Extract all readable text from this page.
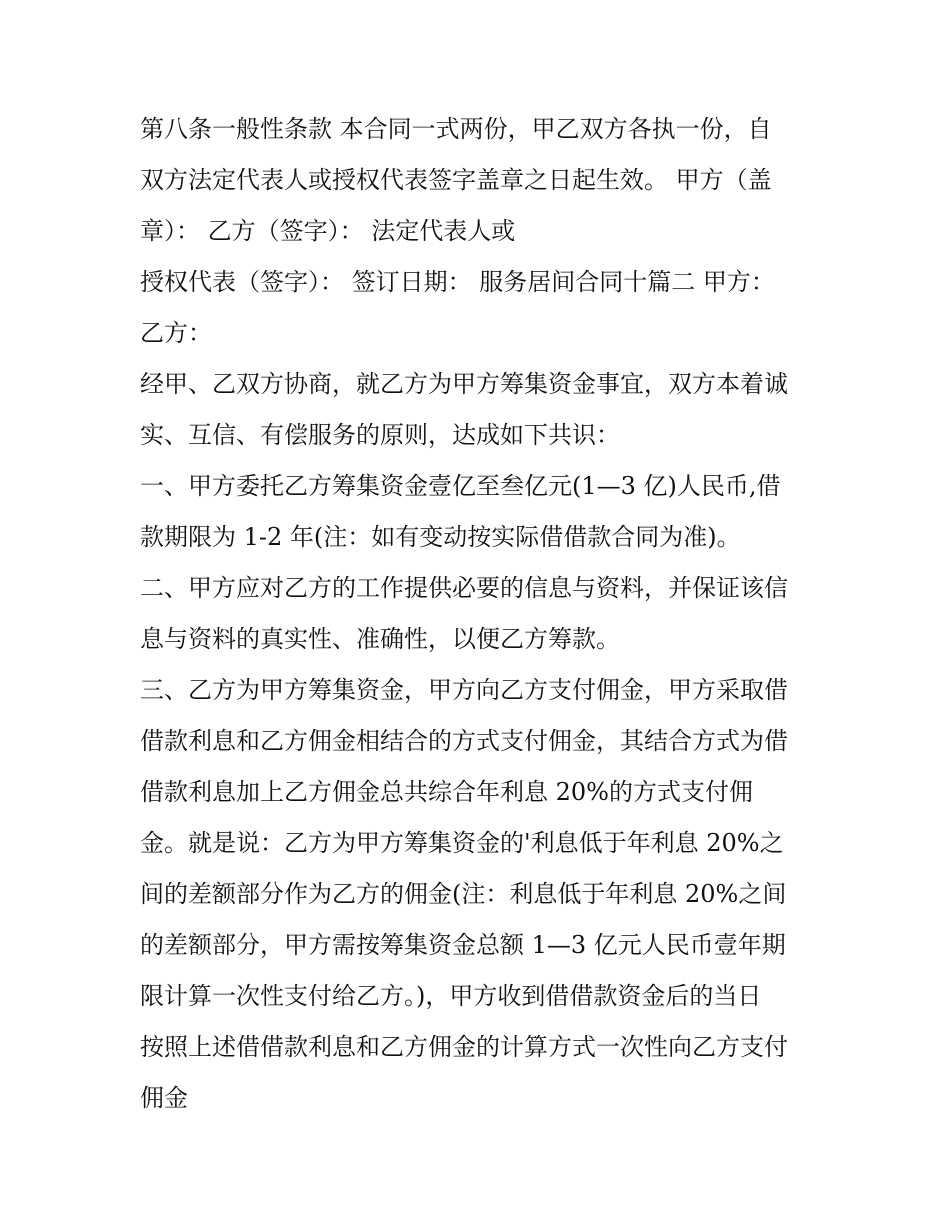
第八条一般性条款 本合同一式两份，甲乙双方各执一份，自
双方法定代表人或授权代表签字盖章之日起生效。 甲方（盖
章）： 乙方（签字）： 法定代表人或
授权代表（签字）： 签订日期： 服务居间合同十篇二 甲方：
乙方：
经甲、乙双方协商，就乙方为甲方筹集资金事宜，双方本着诚
实、互信、有偿服务的原则，达成如下共识：
一、甲方委托乙方筹集资金壹亿至叁亿元(1—3 亿)人民币,借
款期限为 1-2 年(注：如有变动按实际借借款合同为准)。
二、甲方应对乙方的工作提供必要的信息与资料，并保证该信
息与资料的真实性、准确性，以便乙方筹款。
三、乙方为甲方筹集资金，甲方向乙方支付佣金，甲方采取借
借款利息和乙方佣金相结合的方式支付佣金，其结合方式为借
借款利息加上乙方佣金总共综合年利息 20%的方式支付佣
金。就是说：乙方为甲方筹集资金的'利息低于年利息 20%之
间的差额部分作为乙方的佣金(注：利息低于年利息 20%之间
的差额部分，甲方需按筹集资金总额 1—3 亿元人民币壹年期
限计算一次性支付给乙方。)，甲方收到借借款资金后的当日
按照上述借借款利息和乙方佣金的计算方式一次性向乙方支付
佣金
